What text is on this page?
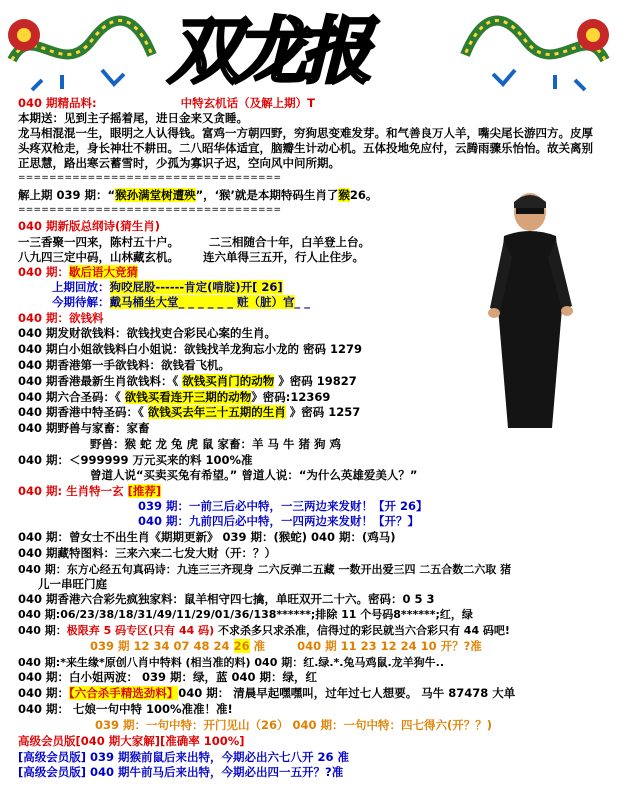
双龙报
040 期精品料:	中特玄机话（及解上期）T
本期送：见到主子摇着尾，进日金来又贪睡。
龙马相混混一生，眼明之人认得钱。富鸡一方朝四野，穷狗思变难发芽。和气善良万人羊，嘴尖尾长游四方。皮厚头疼双枪走，身长神壮不耕田。二八昭华体适宜，脑瓣生计动心机。五体投地免应付，云腾雨骤乐怡怡。故关离别正思慧，路出寒云蓄雪时，少孤为寡识子迟，空向风中问所期。
==================================
解上期 039 期：“猴孙满堂树遭殃”，‘猴’就是本期特码生肖了猴26。
==================================
040 期新版总纲诗(猜生肖)
一三香聚一四来，陈村五十户。	二三相随合十年，白羊登上台。
八九四三定中码，山林藏玄机。 连六单得三五开，行人止住步。
040 期：歇后语大竞猜
上期回放：狗咬屁股------肯定(啃腚)开[ 26]
今期待解：戴马桶坐大堂_ _ _ _ _ _ 赃（脏）官_ _
040 期：欲钱料
040 期发财欲钱料：欲钱找吏合彩民心案的生肖。
040 期白小姐欲钱料白小姐说：欲钱找羊龙狗忘小龙的 密码 1279
040 期香港第一手欲钱料：欲钱看飞机。
040 期香港最新生肖欲钱料：《 欲钱买肖门的动物 》密码 19827
040 期六合圣码：《 欲钱买看连开三期的动物》密码:12369
040 期香港中特圣码：《 欲钱买去年三十五期的生肖 》密码 1257
040 期野兽与家畜：家畜
野兽：猴 蛇 龙 兔 虎 鼠 家畜：羊 马 牛 猪 狗 鸡
040 期：＜999999 万元买来的料 100%准
曾道人说“买卖买兔有希望。” 曾道人说：“为什么英雄爱美人？”
040 期: 生肖特一玄 [推荐]
039 期：一前三后必中特，一三两边来发财！【开 26】
040 期：九前四后必中特，一四两边来发财！【开？】
040 期：曾女士不出生肖《期期更新》 039 期：(猴蛇) 040 期：(鸡马)
040 期藏特图料：三来六来二七发大财（开：？）
040 期：东方心经五句真码诗：九连三三齐现身 二六反弹二五藏 一数开出爱三四 二五合数二六取 猪
儿一串旺门庭
040 期香港六合彩先疯独家料：鼠羊相守四七擒，单旺双开二十六。密码：0 5 3
040 期:06/23/38/18/31/49/11/29/01/36/138******;排除 11 个号码8******;红，绿
040 期：极限弃 5 码专区(只有 44 码) 不求杀多只求杀准，信得过的彩民就当六合彩只有 44 码吧!
039 期 12 34 07 48 24 26 准	040 期 11 23 12 24 10 开？?准
040 期:*来生缘*原创八肖中特料 (相当准的料) 040 期：红.绿.*.兔马鸡鼠.龙羊狗牛..
040 期：白小姐两波： 039 期：绿，蓝 040 期：绿，红
040 期：【六合杀手精选劲料】040 期： 清晨早起嘿嘿叫，过年过七人想要。 马牛 87478 大单
040 期： 七娘一句中特 100%准准！准!
039 期：一句中特：开门见山（26） 040 期：一句中特：四七得六(开？？)
高级会员版[040 期大家解][准确率 100%]
[高级会员版] 039 期猴前鼠后来出特，今期必出六七八开 26 准
[高级会员版] 040 期牛前马后来出特，今期必出四一五开？?准
